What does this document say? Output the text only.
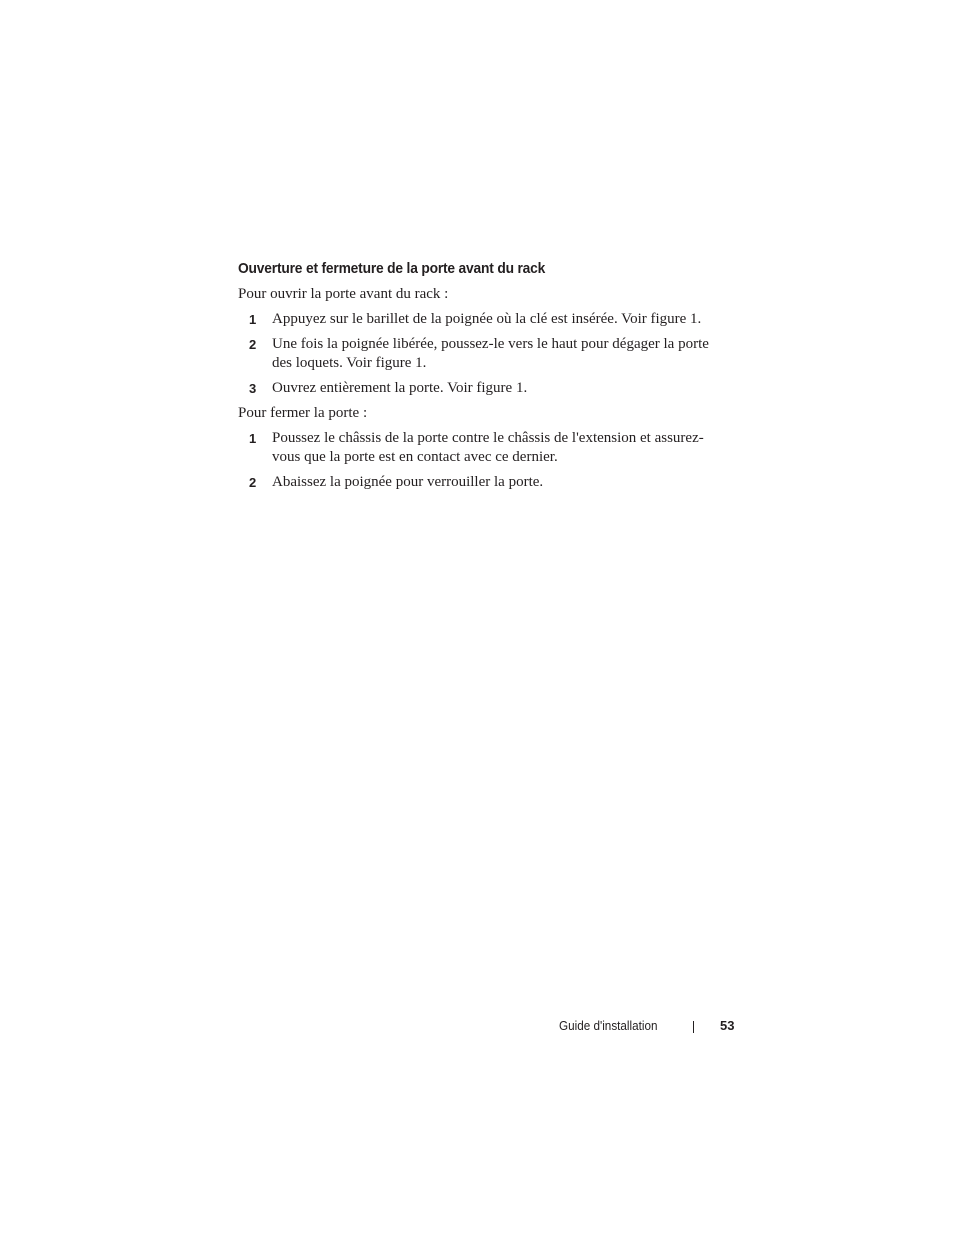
Ouverture et fermeture de la porte avant du rack

Pour ouvrir la porte avant du rack :

1 Appuyez sur le barillet de la poignée où la clé est insérée. Voir figure 1.
2 Une fois la poignée libérée, poussez-le vers le haut pour dégager la porte des loquets. Voir figure 1.
3 Ouvrez entièrement la porte. Voir figure 1.

Pour fermer la porte :

1 Poussez le châssis de la porte contre le châssis de l'extension et assurez-vous que la porte est en contact avec ce dernier.
2 Abaissez la poignée pour verrouiller la porte.
Guide d'installation	53
